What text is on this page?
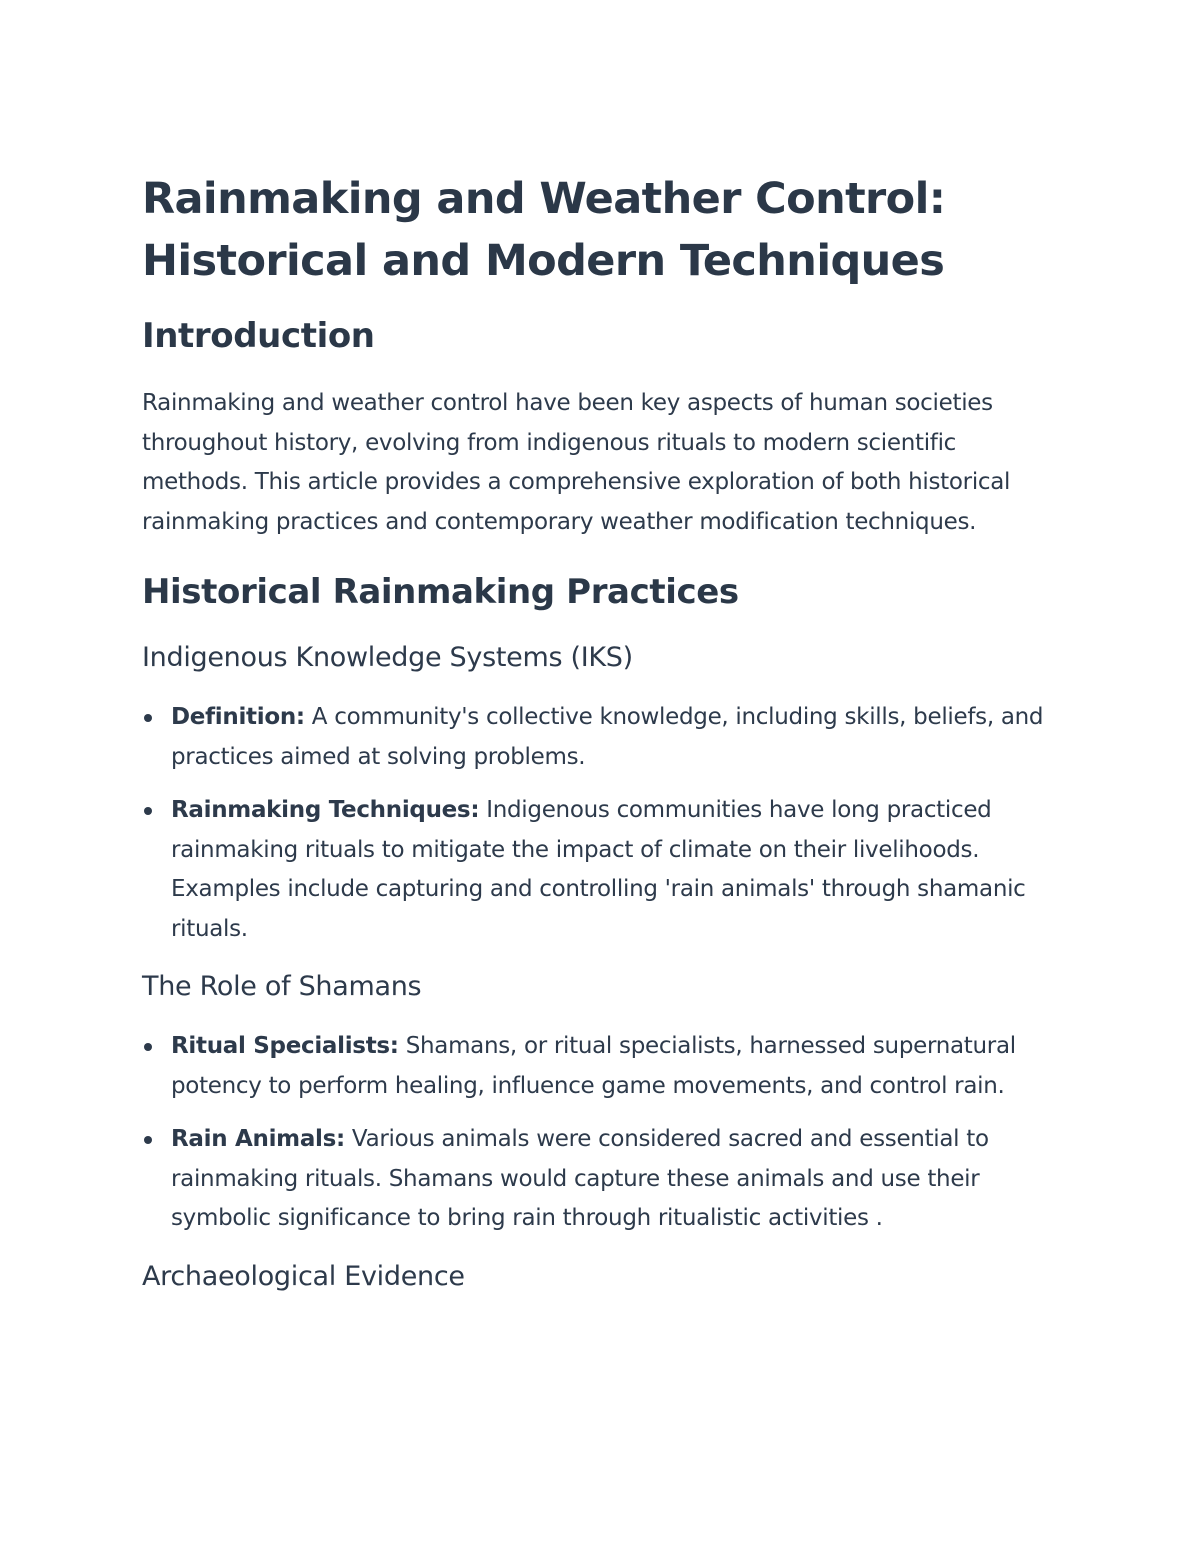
Rainmaking and Weather Control: Historical and Modern Techniques
Introduction

Rainmaking and weather control have been key aspects of human societies throughout history, evolving from indigenous rituals to modern scientific methods. This article provides a comprehensive exploration of both historical rainmaking practices and contemporary weather modification techniques.

Historical Rainmaking Practices
Indigenous Knowledge Systems (IKS)
Definition: A community's collective knowledge, including skills, beliefs, and practices aimed at solving problems.
Rainmaking Techniques: Indigenous communities have long practiced rainmaking rituals to mitigate the impact of climate on their livelihoods. Examples include capturing and controlling 'rain animals' through shamanic rituals.
The Role of Shamans
Ritual Specialists: Shamans, or ritual specialists, harnessed supernatural potency to perform healing, influence game movements, and control rain.
Rain Animals: Various animals were considered sacred and essential to rainmaking rituals. Shamans would capture these animals and use their symbolic significance to bring rain through ritualistic activities .
Archaeological Evidence
